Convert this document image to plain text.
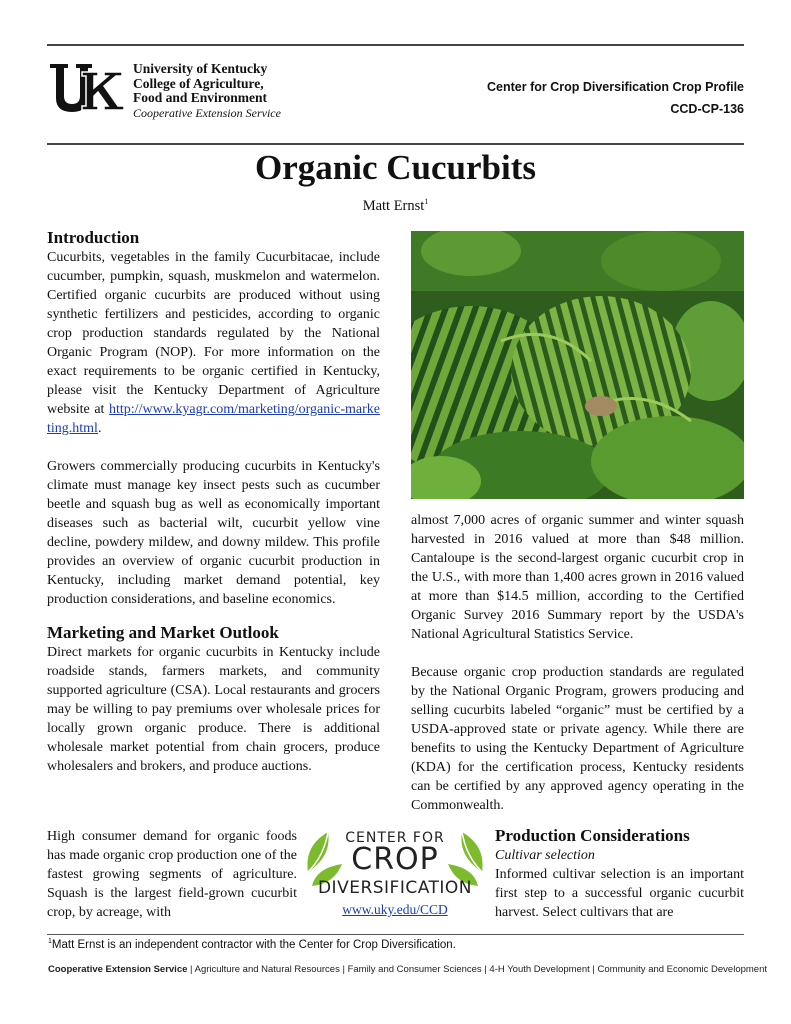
University of Kentucky
College of Agriculture,
Food and Environment
Cooperative Extension Service
Center for Crop Diversification Crop Profile
CCD-CP-136
Organic Cucurbits
Matt Ernst$^1$
Introduction

Cucurbits, vegetables in the family Cucurbitacae, include cucumber, pumpkin, squash, muskmelon and watermelon. Certified organic cucurbits are produced without using synthetic fertilizers and pesticides, according to organic crop production standards regulated by the National Organic Program (NOP). For more information on the exact requirements to be organic certified in Kentucky, please visit the Kentucky Department of Agriculture website at http://www.kyagr.com/marketing/organic-marketing.html.

Growers commercially producing cucurbits in Kentucky's climate must manage key insect pests such as cucumber beetle and squash bug as well as economically important diseases such as bacterial wilt, cucurbit yellow vine decline, powdery mildew, and downy mildew. This profile provides an overview of organic cucurbit production in Kentucky, including market demand potential, key production considerations, and baseline economics.

Marketing and Market Outlook

Direct markets for organic cucurbits in Kentucky include roadside stands, farmers markets, and community supported agriculture (CSA). Local restaurants and grocers may be willing to pay premiums over wholesale prices for locally grown organic produce. There is additional wholesale market potential from chain grocers, produce wholesalers and brokers, and produce auctions.

High consumer demand for organic foods has made organic crop production one of the fastest growing segments of agriculture. Squash is the largest field-grown cucurbit crop, by acreage, with

almost 7,000 acres of organic summer and winter squash harvested in 2016 valued at more than $48 million. Cantaloupe is the second-largest organic cucurbit crop in the U.S., with more than 1,400 acres grown in 2016 valued at more than $14.5 million, according to the Certified Organic Survey 2016 Summary report by the USDA's National Agricultural Statistics Service.

Because organic crop production standards are regulated by the National Organic Program, growers producing and selling cucurbits labeled “organic” must be certified by a USDA-approved state or private agency. While there are benefits to using the Kentucky Department of Agriculture (KDA) for the certification process, Kentucky residents can be certified by any approved agency operating in the Commonwealth.

CENTER FOR
CROP
DIVERSIFICATION
www.uky.edu/CCD
Production Considerations

Cultivar selection

Informed cultivar selection is an important first step to a successful organic cucurbit harvest. Select cultivars that are

$^1$Matt Ernst is an independent contractor with the Center for Crop Diversification.
Cooperative Extension Service | Agriculture and Natural Resources | Family and Consumer Sciences | 4-H Youth Development | Community and Economic Development
